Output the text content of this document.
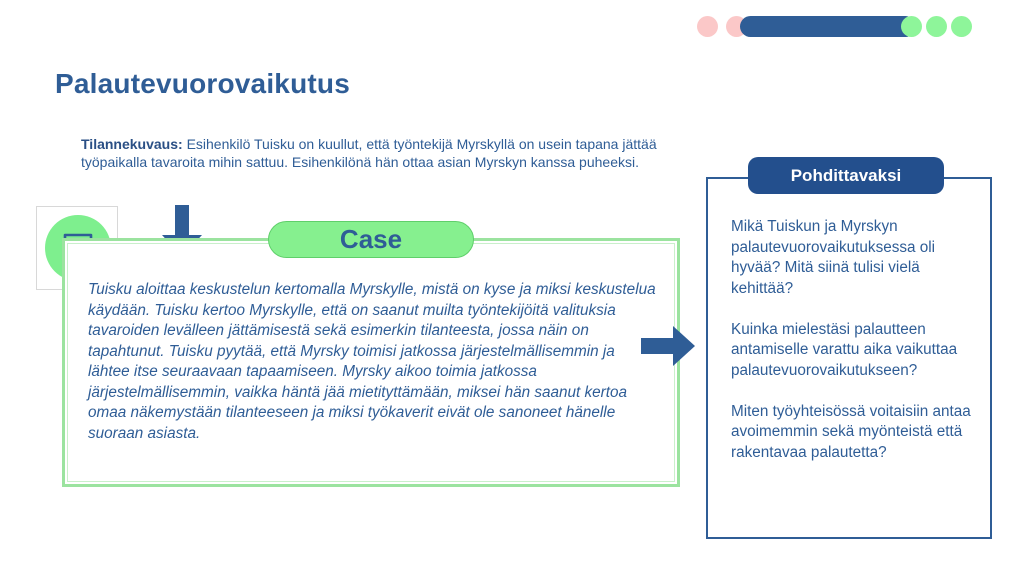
Palautevuorovaikutus
Tilannekuvaus: Esihenkilö Tuisku on kuullut, että työntekijä Myrskyllä on usein tapana jättää työpaikalla tavaroita mihin sattuu. Esihenkilönä hän ottaa asian Myrskyn kanssa puheeksi.
Case
Tuisku aloittaa keskustelun kertomalla Myrskylle, mistä on kyse ja miksi keskustelua käydään. Tuisku kertoo Myrskylle, että on saanut muilta työntekijöitä valituksia tavaroiden levälleen jättämisestä sekä esimerkin tilanteesta, jossa näin on tapahtunut. Tuisku pyytää, että Myrsky toimisi jatkossa järjestelmällisemmin ja lähtee itse seuraavaan tapaamiseen. Myrsky aikoo toimia jatkossa järjestelmällisemmin, vaikka häntä jää mietityttämään, miksei hän saanut kertoa omaa näkemystään tilanteeseen ja miksi työkaverit eivät ole sanoneet hänelle suoraan asiasta.
Pohdittavaksi

Mikä Tuiskun ja Myrskyn palautevuorovaikutuksessa oli hyvää? Mitä siinä tulisi vielä kehittää?

Kuinka mielestäsi palautteen antamiselle varattu aika vaikuttaa palautevuorovaikutukseen?

Miten työyhteisössä voitaisiin antaa avoimemmin sekä myönteistä että rakentavaa palautetta?
